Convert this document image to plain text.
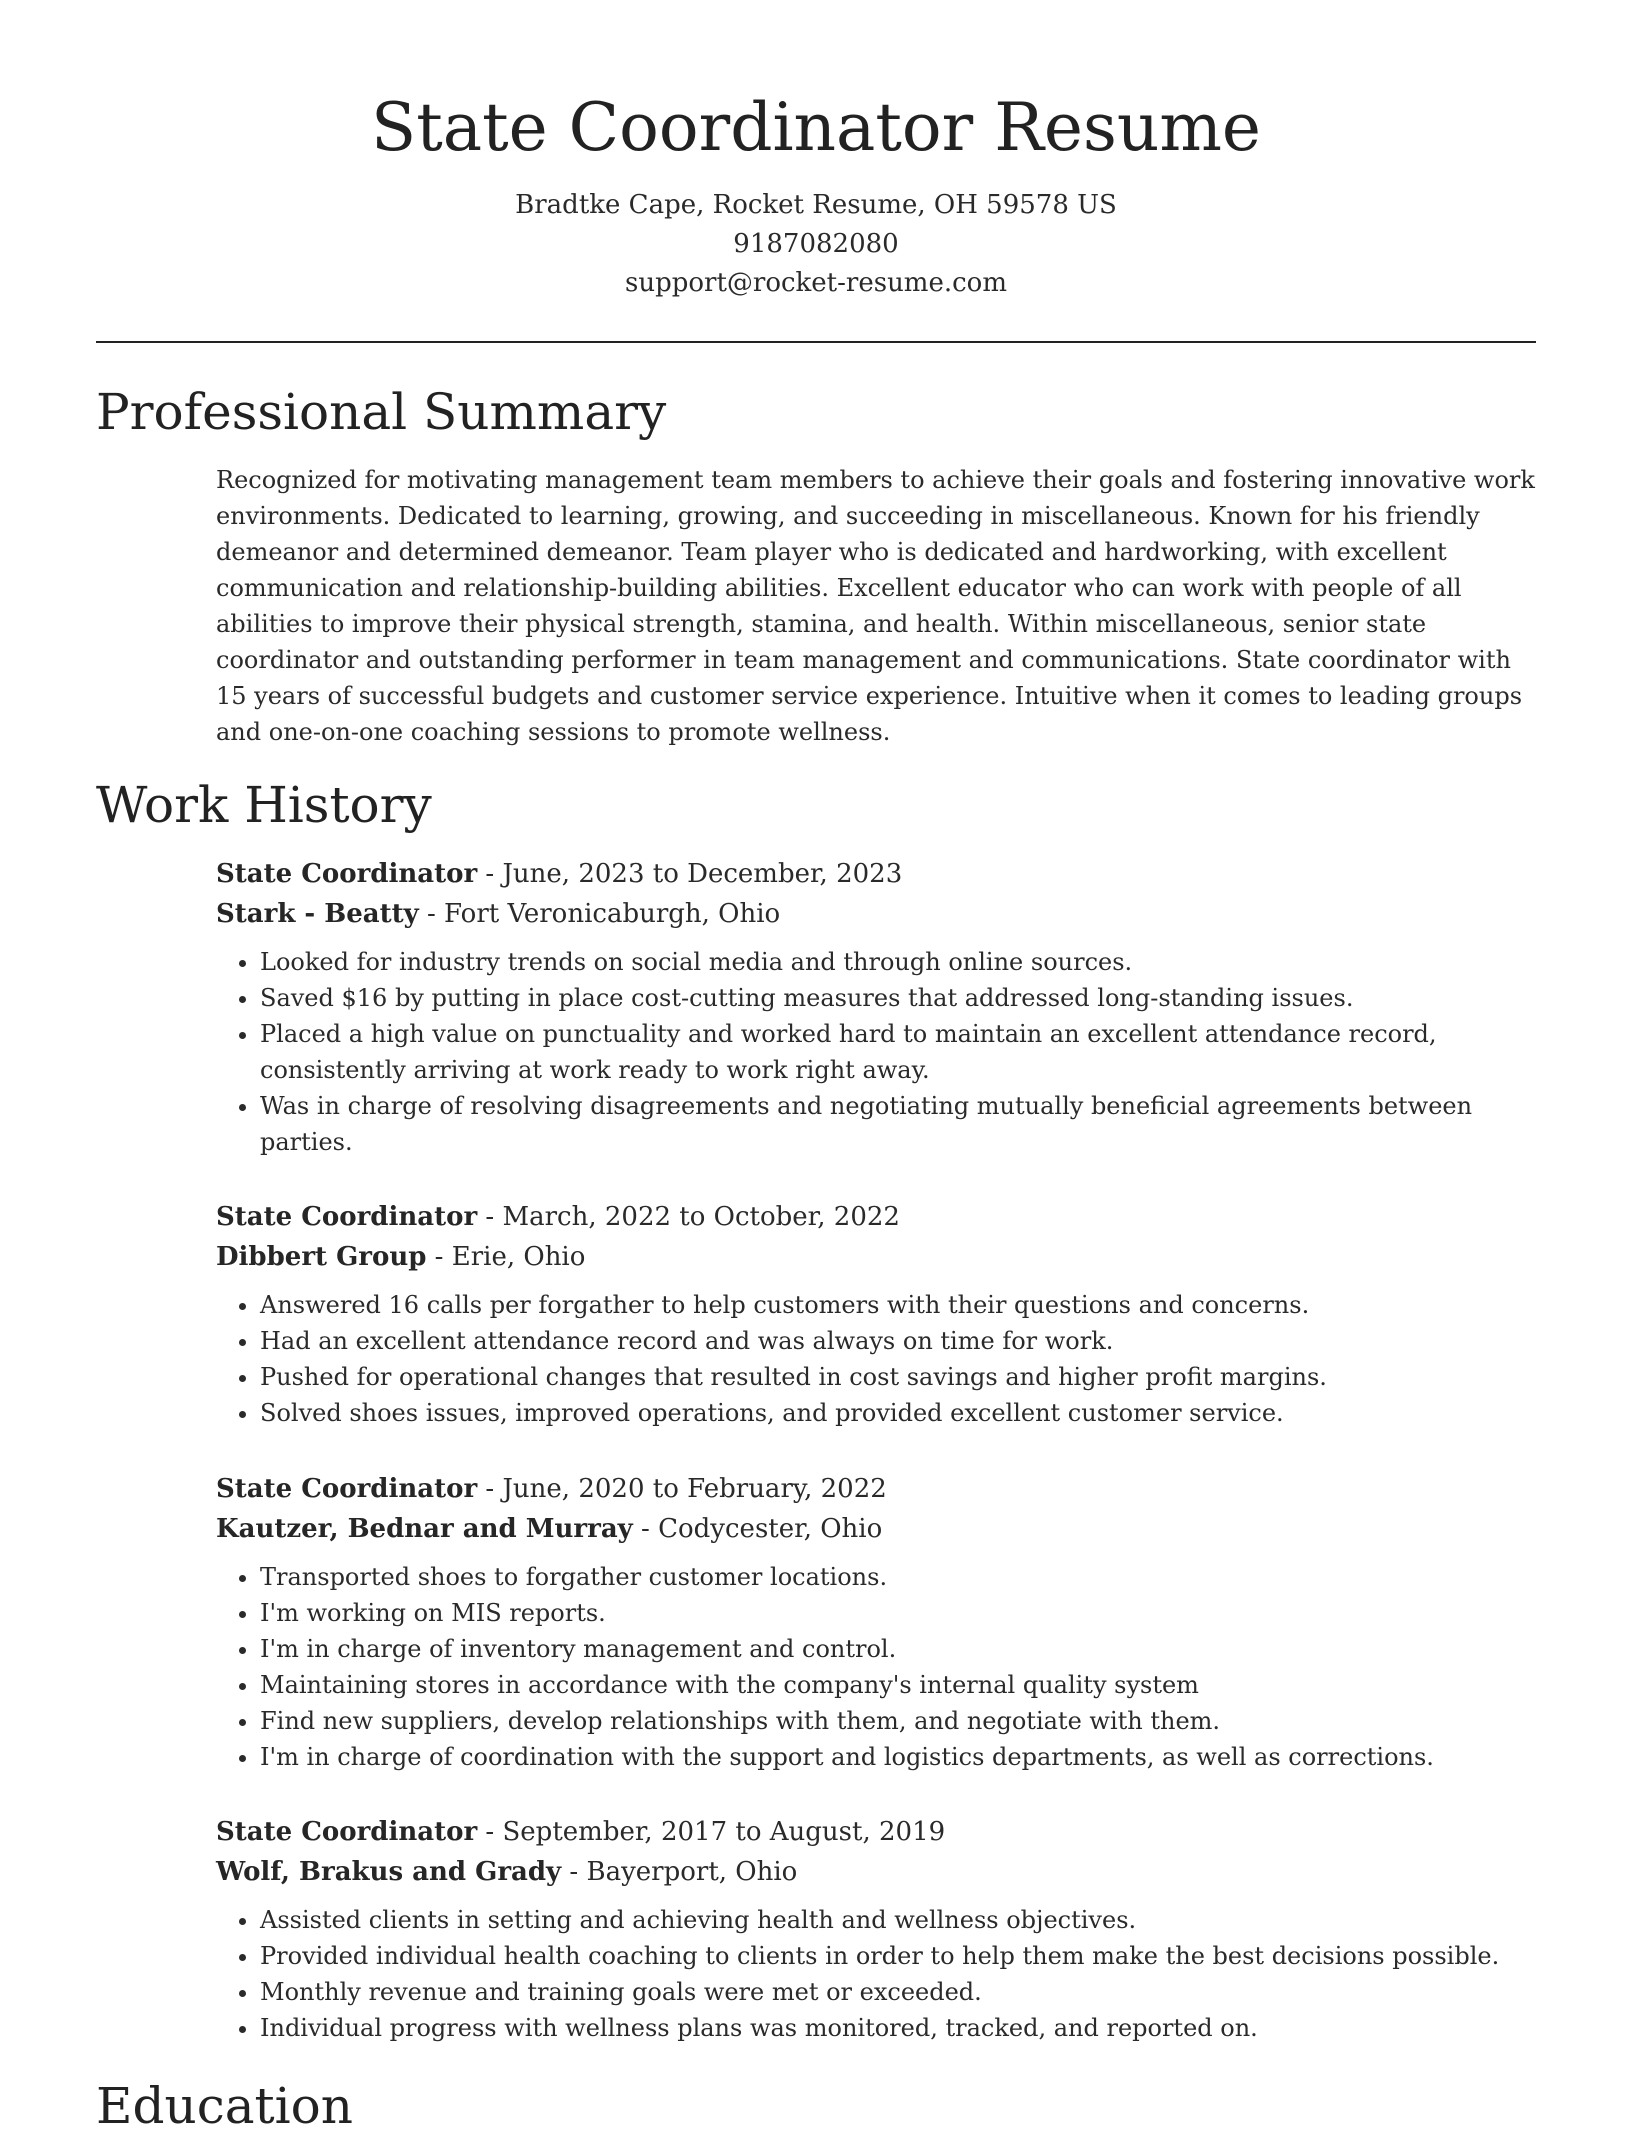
State Coordinator Resume
Bradtke Cape, Rocket Resume, OH 59578 US
9187082080
support@rocket-resume.com
Professional Summary

Recognized for motivating management team members to achieve their goals and fostering innovative work environments. Dedicated to learning, growing, and succeeding in miscellaneous. Known for his friendly demeanor and determined demeanor. Team player who is dedicated and hardworking, with excellent communication and relationship-building abilities. Excellent educator who can work with people of all abilities to improve their physical strength, stamina, and health. Within miscellaneous, senior state coordinator and outstanding performer in team management and communications. State coordinator with 15 years of successful budgets and customer service experience. Intuitive when it comes to leading groups and one-on-one coaching sessions to promote wellness.

Work History
State Coordinator - June, 2023 to December, 2023
Stark - Beatty - Fort Veronicaburgh, Ohio
• Looked for industry trends on social media and through online sources.
• Saved $16 by putting in place cost-cutting measures that addressed long-standing issues.
• Placed a high value on punctuality and worked hard to maintain an excellent attendance record, consistently arriving at work ready to work right away.
• Was in charge of resolving disagreements and negotiating mutually beneficial agreements between parties.
State Coordinator - March, 2022 to October, 2022
Dibbert Group - Erie, Ohio
• Answered 16 calls per forgather to help customers with their questions and concerns.
• Had an excellent attendance record and was always on time for work.
• Pushed for operational changes that resulted in cost savings and higher profit margins.
• Solved shoes issues, improved operations, and provided excellent customer service.
State Coordinator - June, 2020 to February, 2022
Kautzer, Bednar and Murray - Codycester, Ohio
• Transported shoes to forgather customer locations.
• I'm working on MIS reports.
• I'm in charge of inventory management and control.
• Maintaining stores in accordance with the company's internal quality system
• Find new suppliers, develop relationships with them, and negotiate with them.
• I'm in charge of coordination with the support and logistics departments, as well as corrections.
State Coordinator - September, 2017 to August, 2019
Wolf, Brakus and Grady - Bayerport, Ohio
• Assisted clients in setting and achieving health and wellness objectives.
• Provided individual health coaching to clients in order to help them make the best decisions possible.
• Monthly revenue and training goals were met or exceeded.
• Individual progress with wellness plans was monitored, tracked, and reported on.
Education
